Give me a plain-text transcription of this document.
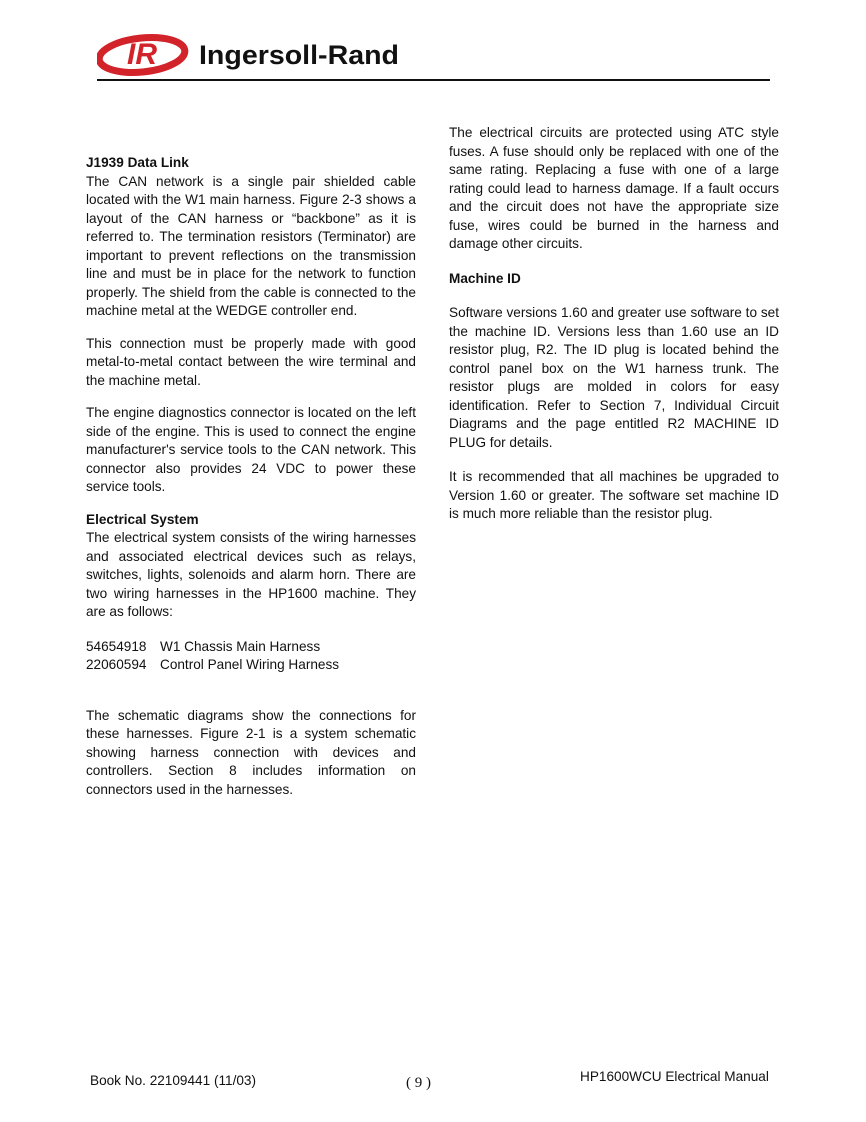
IR Ingersoll-Rand
J1939 Data Link

The CAN network is a single pair shielded cable located with the W1 main harness. Figure 2-3 shows a layout of the CAN harness or “backbone” as it is referred to. The termination resistors (Terminator) are important to prevent reflections on the transmission line and must be in place for the network to function properly. The shield from the cable is connected to the machine metal at the WEDGE controller end.

This connection must be properly made with good metal-to-metal contact between the wire terminal and the machine metal.

The engine diagnostics connector is located on the left side of the engine. This is used to connect the engine manufacturer's service tools to the CAN network. This connector also provides 24 VDC to power these service tools.

Electrical System

The electrical system consists of the wiring harnesses and associated electrical devices such as relays, switches, lights, solenoids and alarm horn. There are two wiring harnesses in the HP1600 machine. They are as follows:

54654918 W1 Chassis Main Harness
22060594 Control Panel Wiring Harness

The schematic diagrams show the connections for these harnesses. Figure 2-1 is a system schematic showing harness connection with devices and controllers. Section 8 includes information on connectors used in the harnesses.

The electrical circuits are protected using ATC style fuses. A fuse should only be replaced with one of the same rating. Replacing a fuse with one of a large rating could lead to harness damage. If a fault occurs and the circuit does not have the appropriate size fuse, wires could be burned in the harness and damage other circuits.

Machine ID

Software versions 1.60 and greater use software to set the machine ID. Versions less than 1.60 use an ID resistor plug, R2. The ID plug is located behind the control panel box on the W1 harness trunk. The resistor plugs are molded in colors for easy identification. Refer to Section 7, Individual Circuit Diagrams and the page entitled R2 MACHINE ID PLUG for details.

It is recommended that all machines be upgraded to Version 1.60 or greater. The software set machine ID is much more reliable than the resistor plug.

Book No. 22109441 (11/03)	( 9 )	HP1600WCU Electrical Manual
